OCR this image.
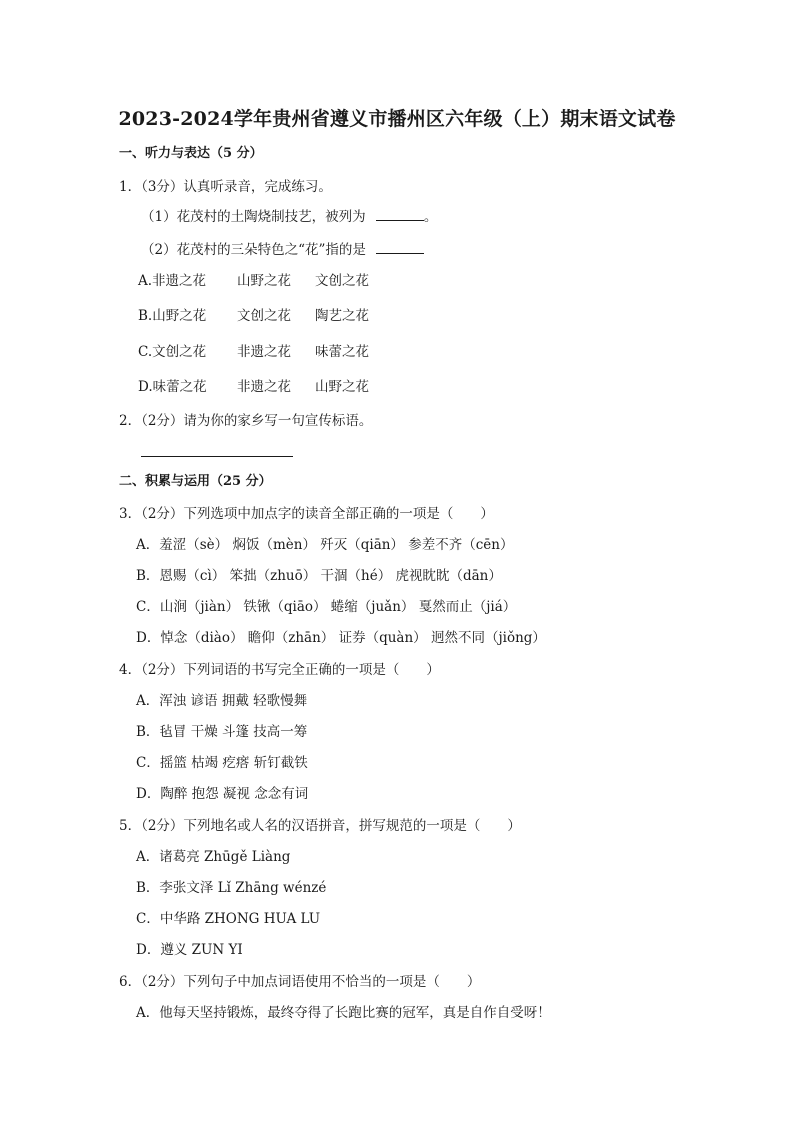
2023-2024学年贵州省遵义市播州区六年级（上）期末语文试卷
一、听力与表达（5 分）
1．（3分）认真听录音，完成练习。
（1）花茂村的土陶烧制技艺，被列为	。
（2）花茂村的三朵特色之“花”指的是
A.非遗之花 山野之花 文创之花
B.山野之花 文创之花 陶艺之花
C.文创之花 非遗之花 味蕾之花
D.味蕾之花 非遗之花 山野之花
2．（2分）请为你的家乡写一句宣传标语。
二、积累与运用（25 分）
3．（2分）下列选项中加点字的读音全部正确的一项是（　　）
A．羞涩（sè） 焖饭（mèn） 歼灭（qiān） 参差不齐（cēn）
B．恩赐（cì） 笨拙（zhuō） 干涸（hé） 虎视眈眈（dān）
C．山涧（jiàn） 铁锹（qiāo） 蜷缩（juǎn） 戛然而止（jiá）
D．悼念（diào） 瞻仰（zhān） 证券（quàn） 迥然不同（jiǒng）
4．（2分）下列词语的书写完全正确的一项是（　　）
A．浑浊 谚语 拥戴 轻歌慢舞
B．毡冒 干燥 斗篷 技高一筹
C．摇篮 枯竭 疙瘩 斩钉截铁
D．陶醉 抱怨 凝视 念念有词
5．（2分）下列地名或人名的汉语拼音，拼写规范的一项是（　　）
A．诸葛亮 Zhūgě Liàng
B．李张文泽 Lǐ Zhāng wénzé
C．中华路 ZHONG HUA LU
D．遵义 ZUN YI
6．（2分）下列句子中加点词语使用不恰当的一项是（　　）
A．他每天坚持锻炼，最终夺得了长跑比赛的冠军，真是自作自受呀！
